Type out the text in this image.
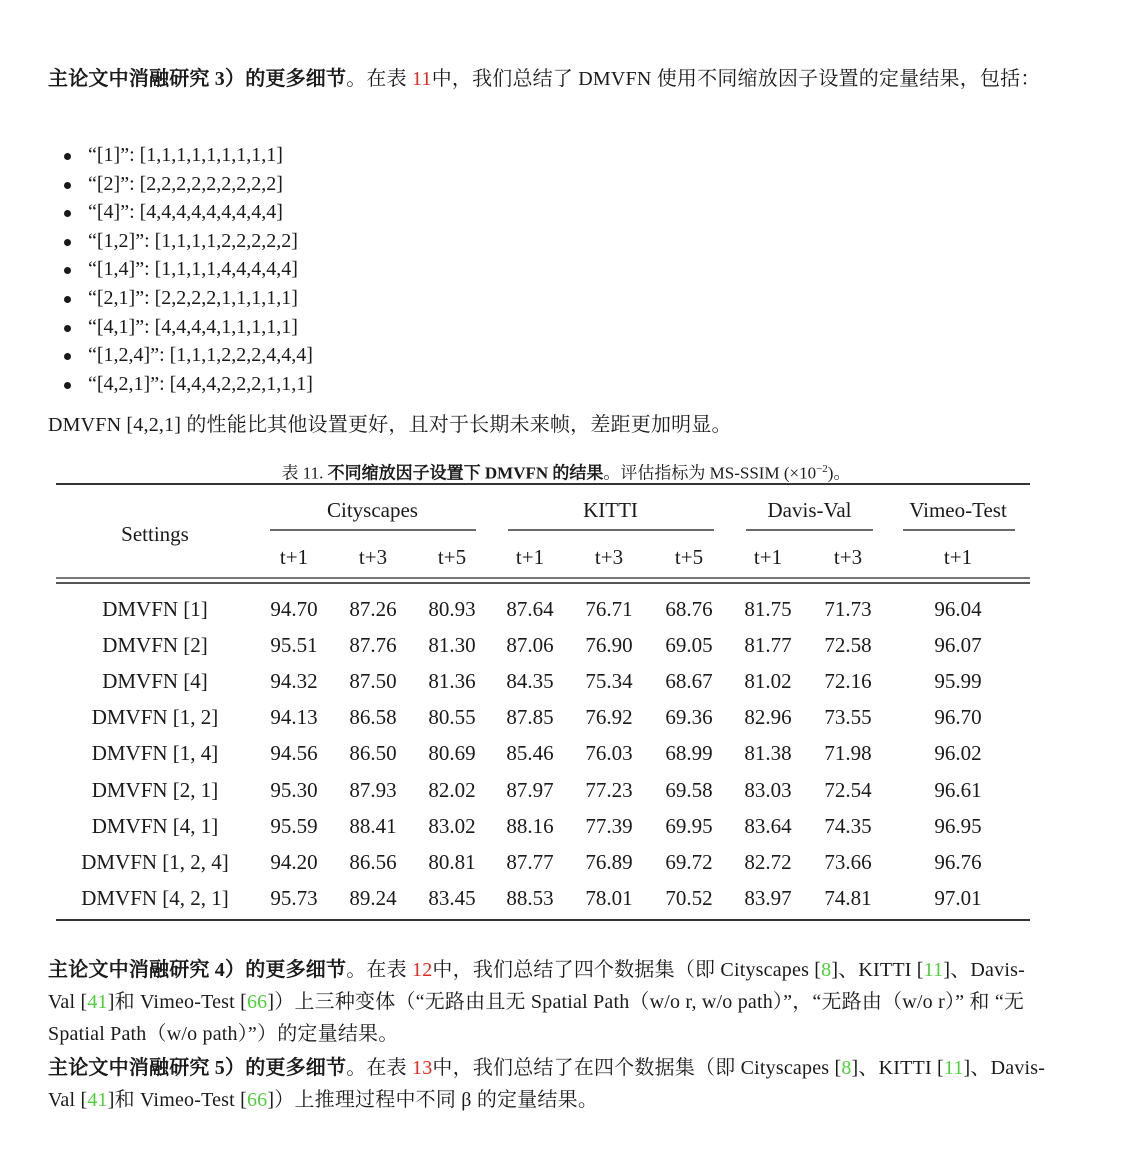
主论文中消融研究 3）的更多细节。在表 11中，我们总结了 DMVFN 使用不同缩放因子设置的定量结果，包括：
“[1]”: [1,1,1,1,1,1,1,1,1]
“[2]”: [2,2,2,2,2,2,2,2,2]
“[4]”: [4,4,4,4,4,4,4,4,4]
“[1,2]”: [1,1,1,1,2,2,2,2,2]
“[1,4]”: [1,1,1,1,4,4,4,4,4]
“[2,1]”: [2,2,2,2,1,1,1,1,1]
“[4,1]”: [4,4,4,4,1,1,1,1,1]
“[1,2,4]”: [1,1,1,2,2,2,4,4,4]
“[4,2,1]”: [4,4,4,2,2,2,1,1,1]
DMVFN [4,2,1] 的性能比其他设置更好，且对于长期未来帧，差距更加明显。
表 11. 不同缩放因子设置下 DMVFN 的结果。评估指标为 MS-SSIM $(\times 10^{-2})$。
Settings
Cityscapes	KITTI	Davis-Val	Vimeo-Test
t+1	t+3	t+5	t+1	t+3	t+5	t+1	t+3	t+1
DMVFN [1]	94.70	87.26	80.93	87.64	76.71	68.76	81.75	71.73	96.04
DMVFN [2]	95.51	87.76	81.30	87.06	76.90	69.05	81.77	72.58	96.07
DMVFN [4]	94.32	87.50	81.36	84.35	75.34	68.67	81.02	72.16	95.99
DMVFN [1, 2]	94.13	86.58	80.55	87.85	76.92	69.36	82.96	73.55	96.70
DMVFN [1, 4]	94.56	86.50	80.69	85.46	76.03	68.99	81.38	71.98	96.02
DMVFN [2, 1]	95.30	87.93	82.02	87.97	77.23	69.58	83.03	72.54	96.61
DMVFN [4, 1]	95.59	88.41	83.02	88.16	77.39	69.95	83.64	74.35	96.95
DMVFN [1, 2, 4]	94.20	86.56	80.81	87.77	76.89	69.72	82.72	73.66	96.76
DMVFN [4, 2, 1]	95.73	89.24	83.45	88.53	78.01	70.52	83.97	74.81	97.01
主论文中消融研究 4）的更多细节。在表 12中，我们总结了四个数据集（即 Cityscapes [8]、KITTI [11]、Davis-Val [41]和 Vimeo-Test [66]）上三种变体（“无路由且无 Spatial Path（w/o r, w/o path）”，“无路由（w/o r）” 和 “无 Spatial Path（w/o path）”）的定量结果。
主论文中消融研究 5）的更多细节。在表 13中，我们总结了在四个数据集（即 Cityscapes [8]、KITTI [11]、Davis-Val [41]和 Vimeo-Test [66]）上推理过程中不同 β 的定量结果。
